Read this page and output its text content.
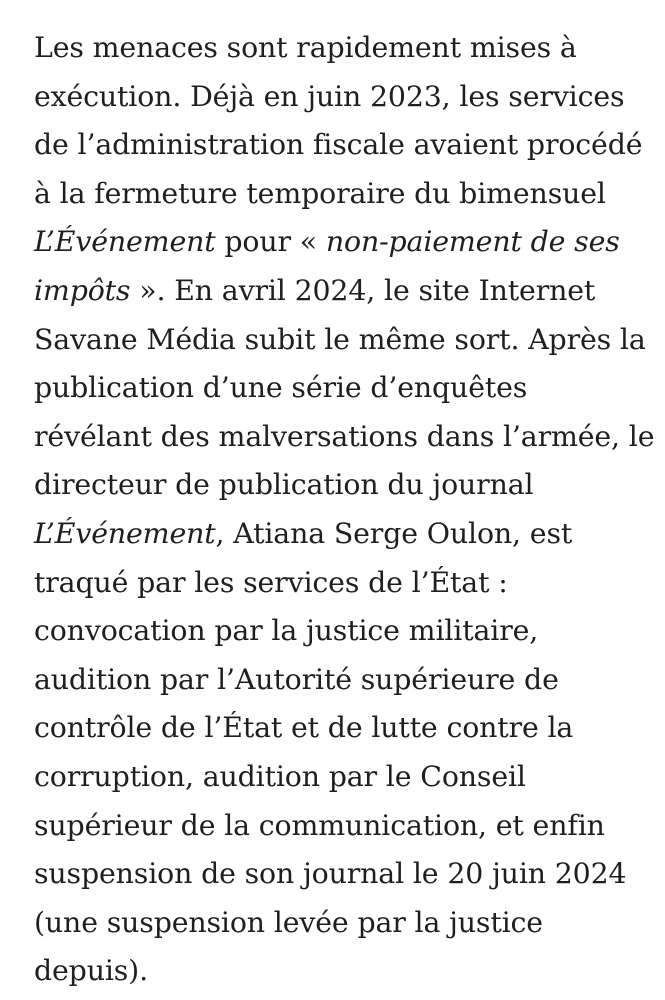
Les menaces sont rapidement mises à
exécution. Déjà en juin 2023, les services
de l’administration fiscale avaient procédé
à la fermeture temporaire du bimensuel
L’Événement pour « non-paiement de ses
impôts ». En avril 2024, le site Internet
Savane Média subit le même sort. Après la
publication d’une série d’enquêtes
révélant des malversations dans l’armée, le
directeur de publication du journal
L’Événement, Atiana Serge Oulon, est
traqué par les services de l’État :
convocation par la justice militaire,
audition par l’Autorité supérieure de
contrôle de l’État et de lutte contre la
corruption, audition par le Conseil
supérieur de la communication, et enfin
suspension de son journal le 20 juin 2024
(une suspension levée par la justice
depuis).
